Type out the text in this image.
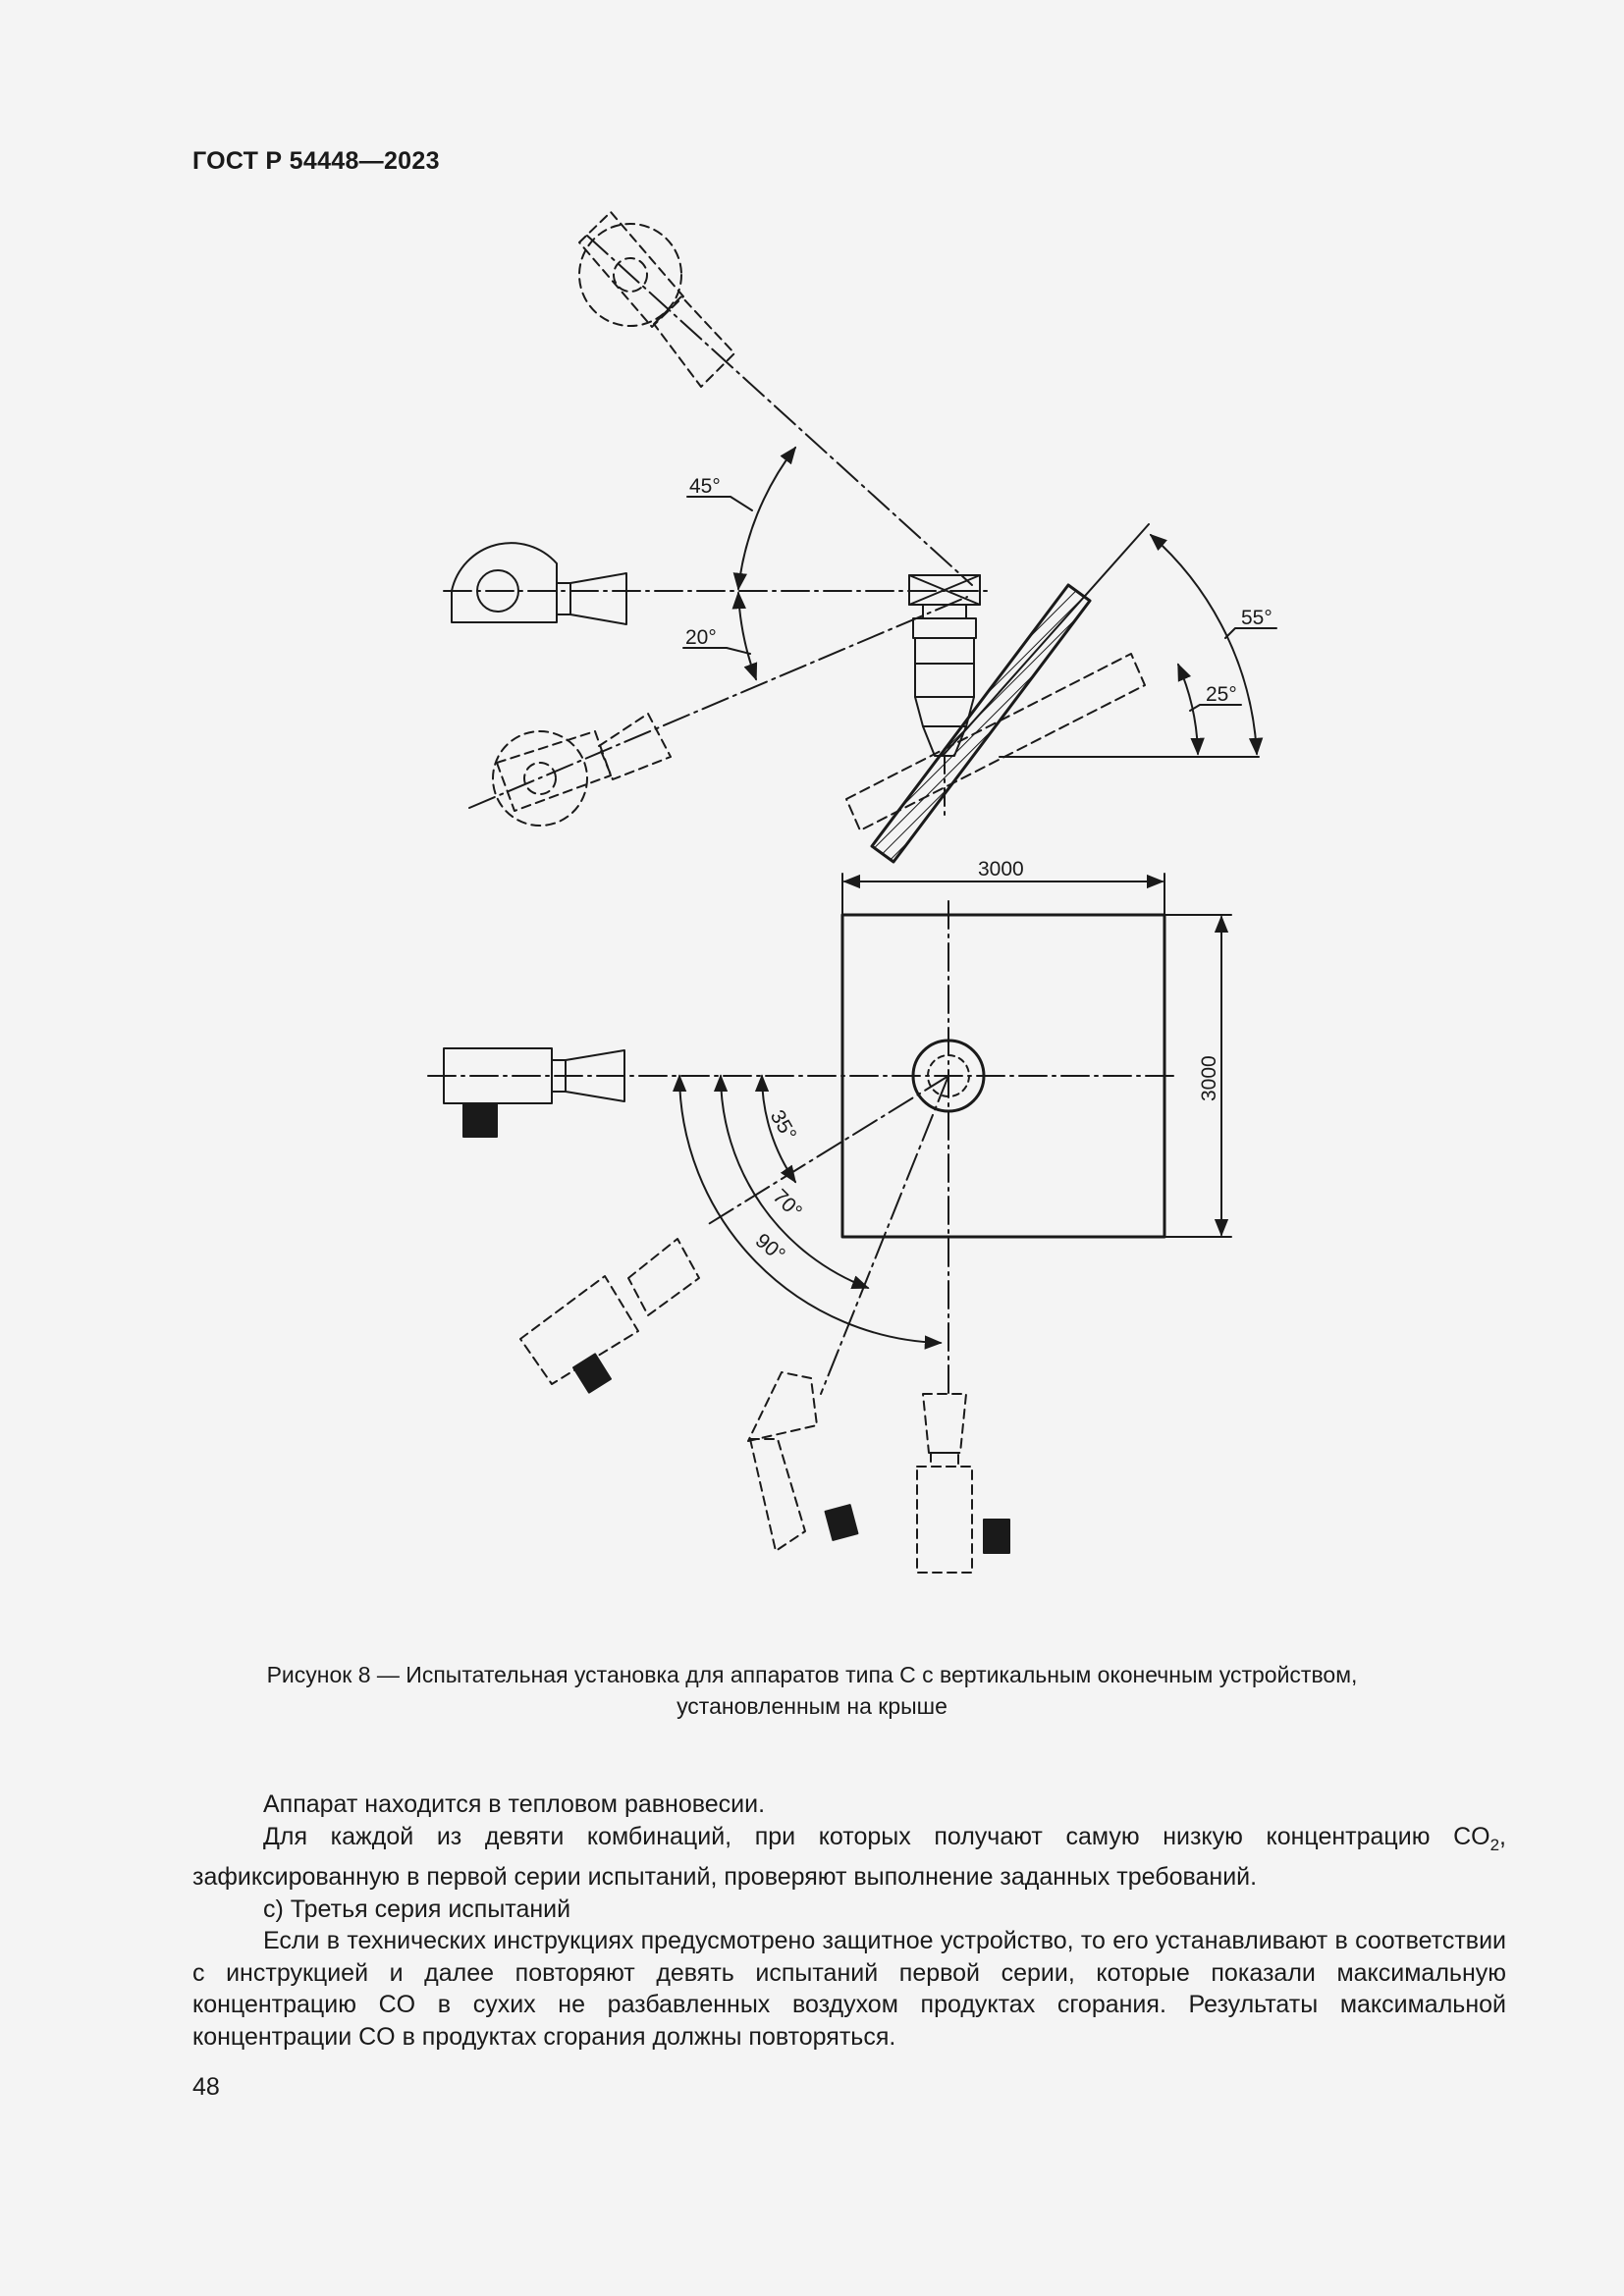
ГОСТ Р 54448—2023
45°
20°
55°
25°
3000
3000
35°
70°
90°
Рисунок 8 — Испытательная установка для аппаратов типа С с вертикальным оконечным устройством,
установленным на крыше

Аппарат находится в тепловом равновесии.

Для каждой из девяти комбинаций, при которых получают самую низкую концентрацию $CO_2$, зафиксированную в первой серии испытаний, проверяют выполнение заданных требований.

c) Третья серия испытаний

Если в технических инструкциях предусмотрено защитное устройство, то его устанавливают в соответствии с инструкцией и далее повторяют девять испытаний первой серии, которые показали максимальную концентрацию CO в сухих не разбавленных воздухом продуктах сгорания. Результаты максимальной концентрации CO в продуктах сгорания должны повторяться.

48
